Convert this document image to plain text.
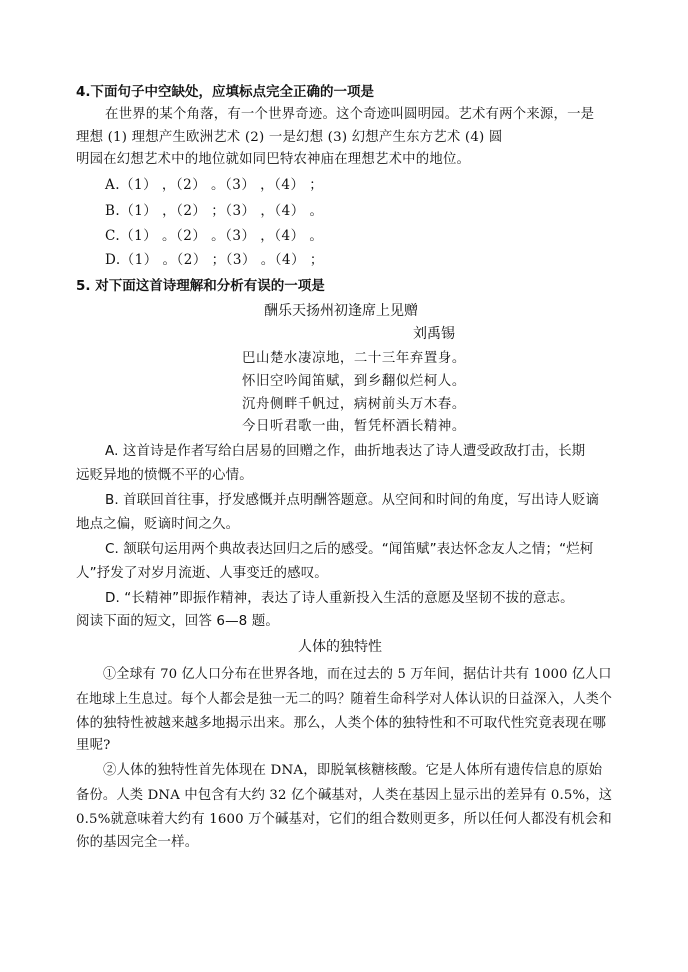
4.下面句子中空缺处，应填标点完全正确的一项是
在世界的某个角落，有一个世界奇迹。这个奇迹叫圆明园。艺术有两个来源，一是
理想 (1) 理想产生欧洲艺术 (2) 一是幻想 (3) 幻想产生东方艺术 (4) 圆
明园在幻想艺术中的地位就如同巴特农神庙在理想艺术中的地位。
A.（1） ，（2） 。（3） ，（4） ；
B.（1） ，（2） ；（3） ，（4） 。
C.（1） 。（2） 。（3） ，（4） 。
D.（1） 。（2） ；（3） 。（4） ；
5. 对下面这首诗理解和分析有误的一项是
酬乐天扬州初逢席上见赠
刘禹锡
巴山楚水凄凉地，二十三年弃置身。
怀旧空吟闻笛赋，到乡翻似烂柯人。
沉舟侧畔千帆过，病树前头万木春。
今日听君歌一曲，暂凭杯酒长精神。
A. 这首诗是作者写给白居易的回赠之作，曲折地表达了诗人遭受政敌打击，长期
远贬异地的愤慨不平的心情。
B. 首联回首往事，抒发感慨并点明酬答题意。从空间和时间的角度，写出诗人贬谪
地点之偏，贬谪时间之久。
C. 颔联句运用两个典故表达回归之后的感受。“闻笛赋”表达怀念友人之情；“烂柯
人”抒发了对岁月流逝、人事变迁的感叹。
D. “长精神”即振作精神，表达了诗人重新投入生活的意愿及坚韧不拔的意志。
阅读下面的短文，回答 6—8 题。
人体的独特性
①全球有 70 亿人口分布在世界各地，而在过去的 5 万年间，据估计共有 1000 亿人口
在地球上生息过。每个人都会是独一无二的吗？随着生命科学对人体认识的日益深入，人类个
体的独特性被越来越多地揭示出来。那么，人类个体的独特性和不可取代性究竟表现在哪
里呢?
②人体的独特性首先体现在 DNA，即脱氧核糖核酸。它是人体所有遗传信息的原始
备份。人类 DNA 中包含有大约 32 亿个碱基对，人类在基因上显示出的差异有 0.5%，这
0.5%就意味着大约有 1600 万个碱基对，它们的组合数则更多，所以任何人都没有机会和
你的基因完全一样。
